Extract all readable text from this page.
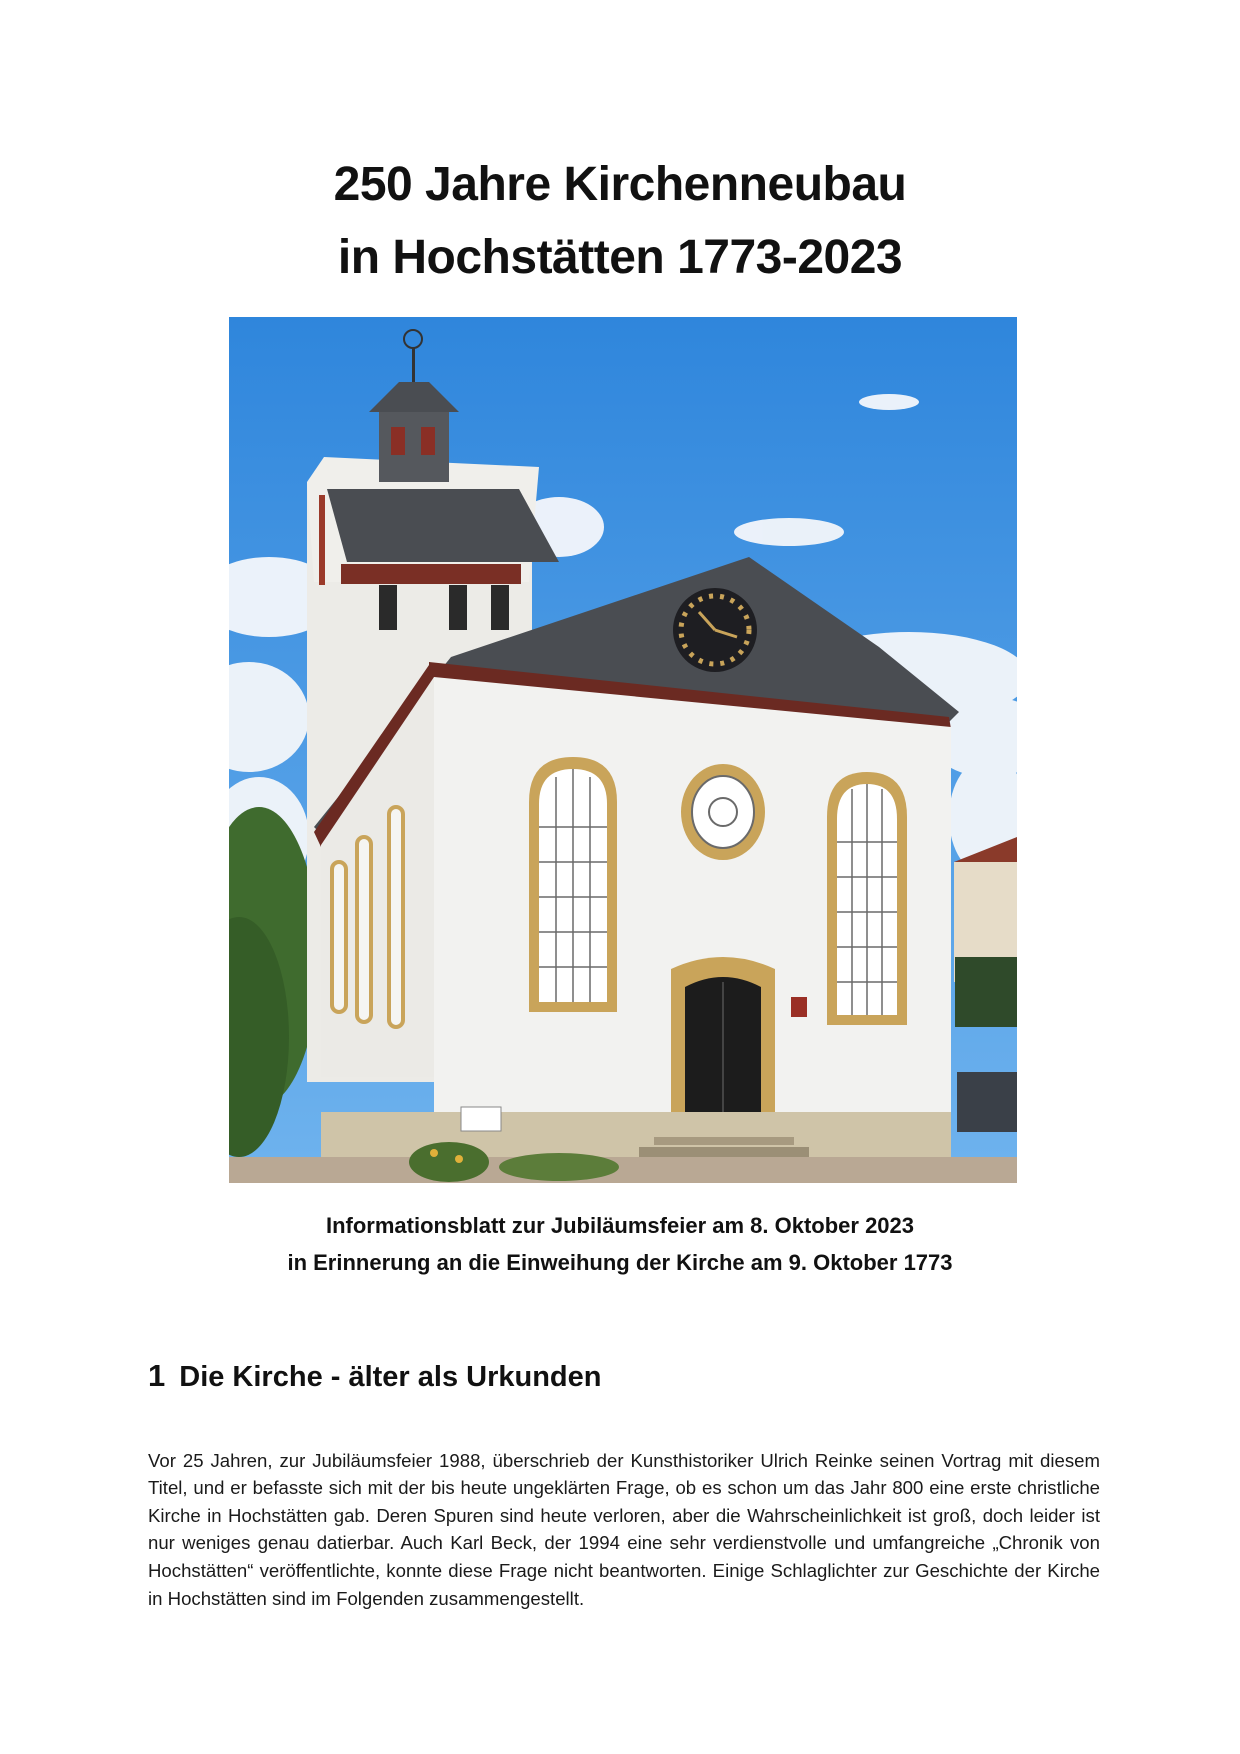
250 Jahre Kirchenneubau
in Hochstätten 1773-2023
Informationsblatt zur Jubiläumsfeier am 8. Oktober 2023
in Erinnerung an die Einweihung der Kirche am 9. Oktober 1773
1 Die Kirche - älter als Urkunden

Vor 25 Jahren, zur Jubiläumsfeier 1988, überschrieb der Kunsthistoriker Ulrich Reinke seinen Vortrag mit diesem Titel, und er befasste sich mit der bis heute ungeklärten Frage, ob es schon um das Jahr 800 eine erste christliche Kirche in Hochstätten gab. Deren Spuren sind heute verloren, aber die Wahrscheinlichkeit ist groß, doch leider ist nur weniges genau datierbar. Auch Karl Beck, der 1994 eine sehr verdienstvolle und umfangreiche „Chronik von Hochstätten“ veröffentlichte, konnte diese Frage nicht beantworten. Einige Schlaglichter zur Geschichte der Kirche in Hochstätten sind im Folgenden zusammengestellt.
